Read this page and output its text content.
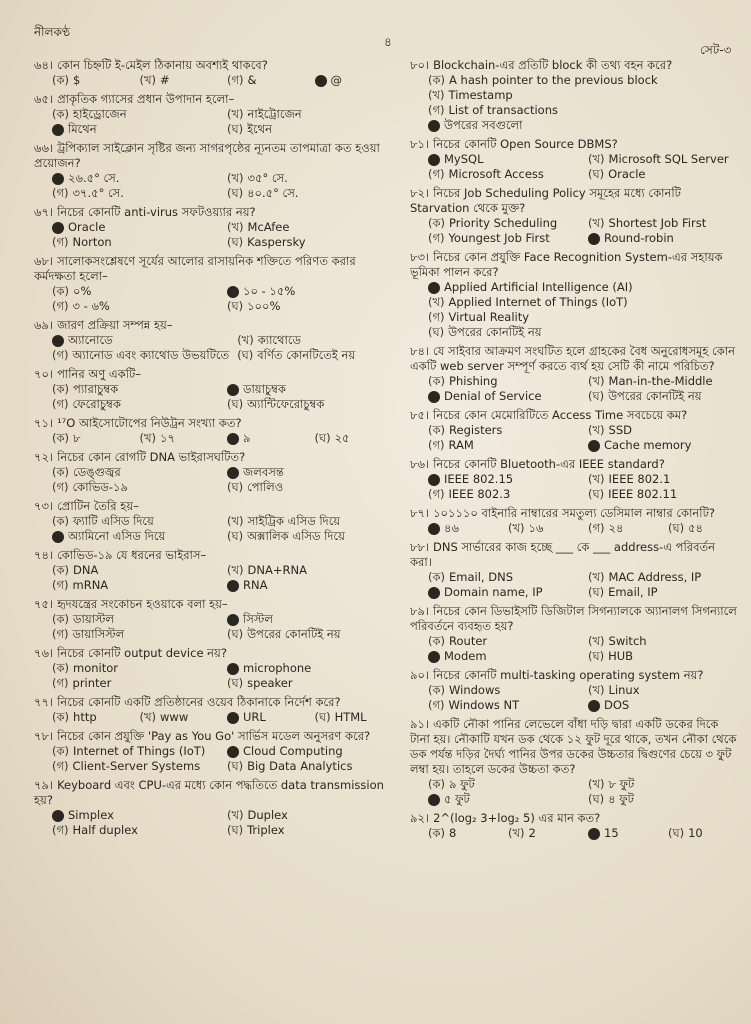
নীলকণ্ঠ
৪
সেট-৩
৬৪। কোন চিহ্নটি ই-মেইল ঠিকানায় অবশ্যই থাকবে?
(ক) $	(খ) #	(গ) &	@
৬৫। প্রাকৃতিক গ্যাসের প্রধান উপাদান হলো–
(ক) হাইড্রোজেন	(খ) নাইট্রোজেন
মিথেন	(ঘ) ইথেন
৬৬। ট্রপিক্যাল সাইক্লোন সৃষ্টির জন্য সাগরপৃষ্ঠের ন্যূনতম তাপমাত্রা কত হওয়া প্রয়োজন?
২৬.৫° সে.	(খ) ৩৫° সে.
(গ) ৩৭.৫° সে.	(ঘ) ৪০.৫° সে.
৬৭। নিচের কোনটি anti-virus সফটওয়্যার নয়?
Oracle	(খ) McAfee
(গ) Norton	(ঘ) Kaspersky
৬৮। সালোকসংশ্লেষণে সূর্যের আলোর রাসায়নিক শক্তিতে পরিণত করার কর্মদক্ষতা হলো–
(ক) ০%	১০ - ১৫%
(গ) ৩ - ৬%	(ঘ) ১০০%
৬৯। জারণ প্রক্রিয়া সম্পন্ন হয়–
অ্যানোডে	(খ) ক্যাথোডে
(গ) অ্যানোড এবং ক্যাথোড উভয়টিতে (ঘ) বর্ণিত কোনটিতেই নয়
৭০। পানির অণু একটি–
(ক) প্যারাচুম্বক	ডায়াচুম্বক
(গ) ফেরোচুম্বক	(ঘ) অ্যান্টিফেরোচুম্বক
৭১। ¹⁷O আইসোটোপের নিউট্রন সংখ্যা কত?
(ক) ৮	(খ) ১৭	৯	(ঘ) ২৫
৭২। নিচের কোন রোগটি DNA ভাইরাসঘটিত?
(ক) ডেঙ্গুজ্বর	জলবসন্ত
(গ) কোভিড-১৯	(ঘ) পোলিও
৭৩। প্রোটিন তৈরি হয়–
(ক) ফ্যাটি এসিড দিয়ে	(খ) সাইট্রিক এসিড দিয়ে
অ্যামিনো এসিড দিয়ে	(ঘ) অক্সালিক এসিড দিয়ে
৭৪। কোভিড-১৯ যে ধরনের ভাইরাস–
(ক) DNA	(খ) DNA+RNA
(গ) mRNA	RNA
৭৫। হৃদযন্ত্রের সংকোচন হওয়াকে বলা হয়–
(ক) ডায়াস্টল	সিস্টল
(গ) ডায়াসিস্টল	(ঘ) উপরের কোনটিই নয়
৭৬। নিচের কোনটি output device নয়?
(ক) monitor	microphone
(গ) printer	(ঘ) speaker
৭৭। নিচের কোনটি একটি প্রতিষ্ঠানের ওয়েব ঠিকানাকে নির্দেশ করে?
(ক) http	(খ) www	URL	(ঘ) HTML
৭৮। নিচের কোন প্রযুক্তি 'Pay as You Go' সার্ভিস মডেল অনুসরণ করে?
(ক) Internet of Things (IoT)	Cloud Computing
(গ) Client-Server Systems (ঘ) Big Data Analytics
৭৯। Keyboard এবং CPU-এর মধ্যে কোন পদ্ধতিতে data transmission হয়?
Simplex	(খ) Duplex
(গ) Half duplex	(ঘ) Triplex
৮০। Blockchain-এর প্রতিটি block কী তথ্য বহন করে?
(ক) A hash pointer to the previous block
(খ) Timestamp
(গ) List of transactions
উপরের সবগুলো
৮১। নিচের কোনটি Open Source DBMS?
MySQL	(খ) Microsoft SQL Server
(গ) Microsoft Access	(ঘ) Oracle
৮২। নিচের Job Scheduling Policy সমূহের মধ্যে কোনটি Starvation থেকে মুক্ত?
(ক) Priority Scheduling	(খ) Shortest Job First
(গ) Youngest Job First	Round-robin
৮৩। নিচের কোন প্রযুক্তি Face Recognition System-এর সহায়ক ভূমিকা পালন করে?
Applied Artificial Intelligence (AI)
(খ) Applied Internet of Things (IoT)
(গ) Virtual Reality
(ঘ) উপরের কোনটিই নয়
৮৪। যে সাইবার আক্রমণ সংঘটিত হলে গ্রাহকের বৈধ অনুরোধসমূহ কোন একটি web server সম্পূর্ণ করতে ব্যর্থ হয় সেটি কী নামে পরিচিত?
(ক) Phishing	(খ) Man-in-the-Middle
Denial of Service	(ঘ) উপরের কোনটিই নয়
৮৫। নিচের কোন মেমোরিটিতে Access Time সবচেয়ে কম?
(ক) Registers	(খ) SSD
(গ) RAM	Cache memory
৮৬। নিচের কোনটি Bluetooth-এর IEEE standard?
IEEE 802.15	(খ) IEEE 802.1
(গ) IEEE 802.3	(ঘ) IEEE 802.11
৮৭। ১০১১১০ বাইনারি নাম্বারের সমতুল্য ডেসিমাল নাম্বার কোনটি?
৪৬	(খ) ১৬	(গ) ২৪	(ঘ) ৫৪
৮৮। DNS সার্ভারের কাজ হচ্ছে ___ কে ___ address-এ পরিবর্তন করা।
(ক) Email, DNS	(খ) MAC Address, IP
Domain name, IP	(ঘ) Email, IP
৮৯। নিচের কোন ডিভাইসটি ডিজিটাল সিগন্যালকে অ্যানালগ সিগন্যালে পরিবর্তনে ব্যবহৃত হয়?
(ক) Router	(খ) Switch
Modem	(ঘ) HUB
৯০। নিচের কোনটি multi-tasking operating system নয়?
(ক) Windows	(খ) Linux
(গ) Windows NT	DOS
৯১। একটি নৌকা পানির লেভেলে বাঁধা দড়ি দ্বারা একটি ডকের দিকে টানা হয়। নৌকাটি যখন ডক থেকে ১২ ফুট দূরে থাকে, তখন নৌকা থেকে ডক পর্যন্ত দড়ির দৈর্ঘ্য পানির উপর ডকের উচ্চতার দ্বিগুণের চেয়ে ৩ ফুট লম্বা হয়। তাহলে ডকের উচ্চতা কত?
(ক) ৯ ফুট	(খ) ৮ ফুট
৫ ফুট	(ঘ) ৪ ফুট
৯২। 2^(log₂ 3+log₂ 5) এর মান কত?
(ক) 8	(খ) 2	15	(ঘ) 10
